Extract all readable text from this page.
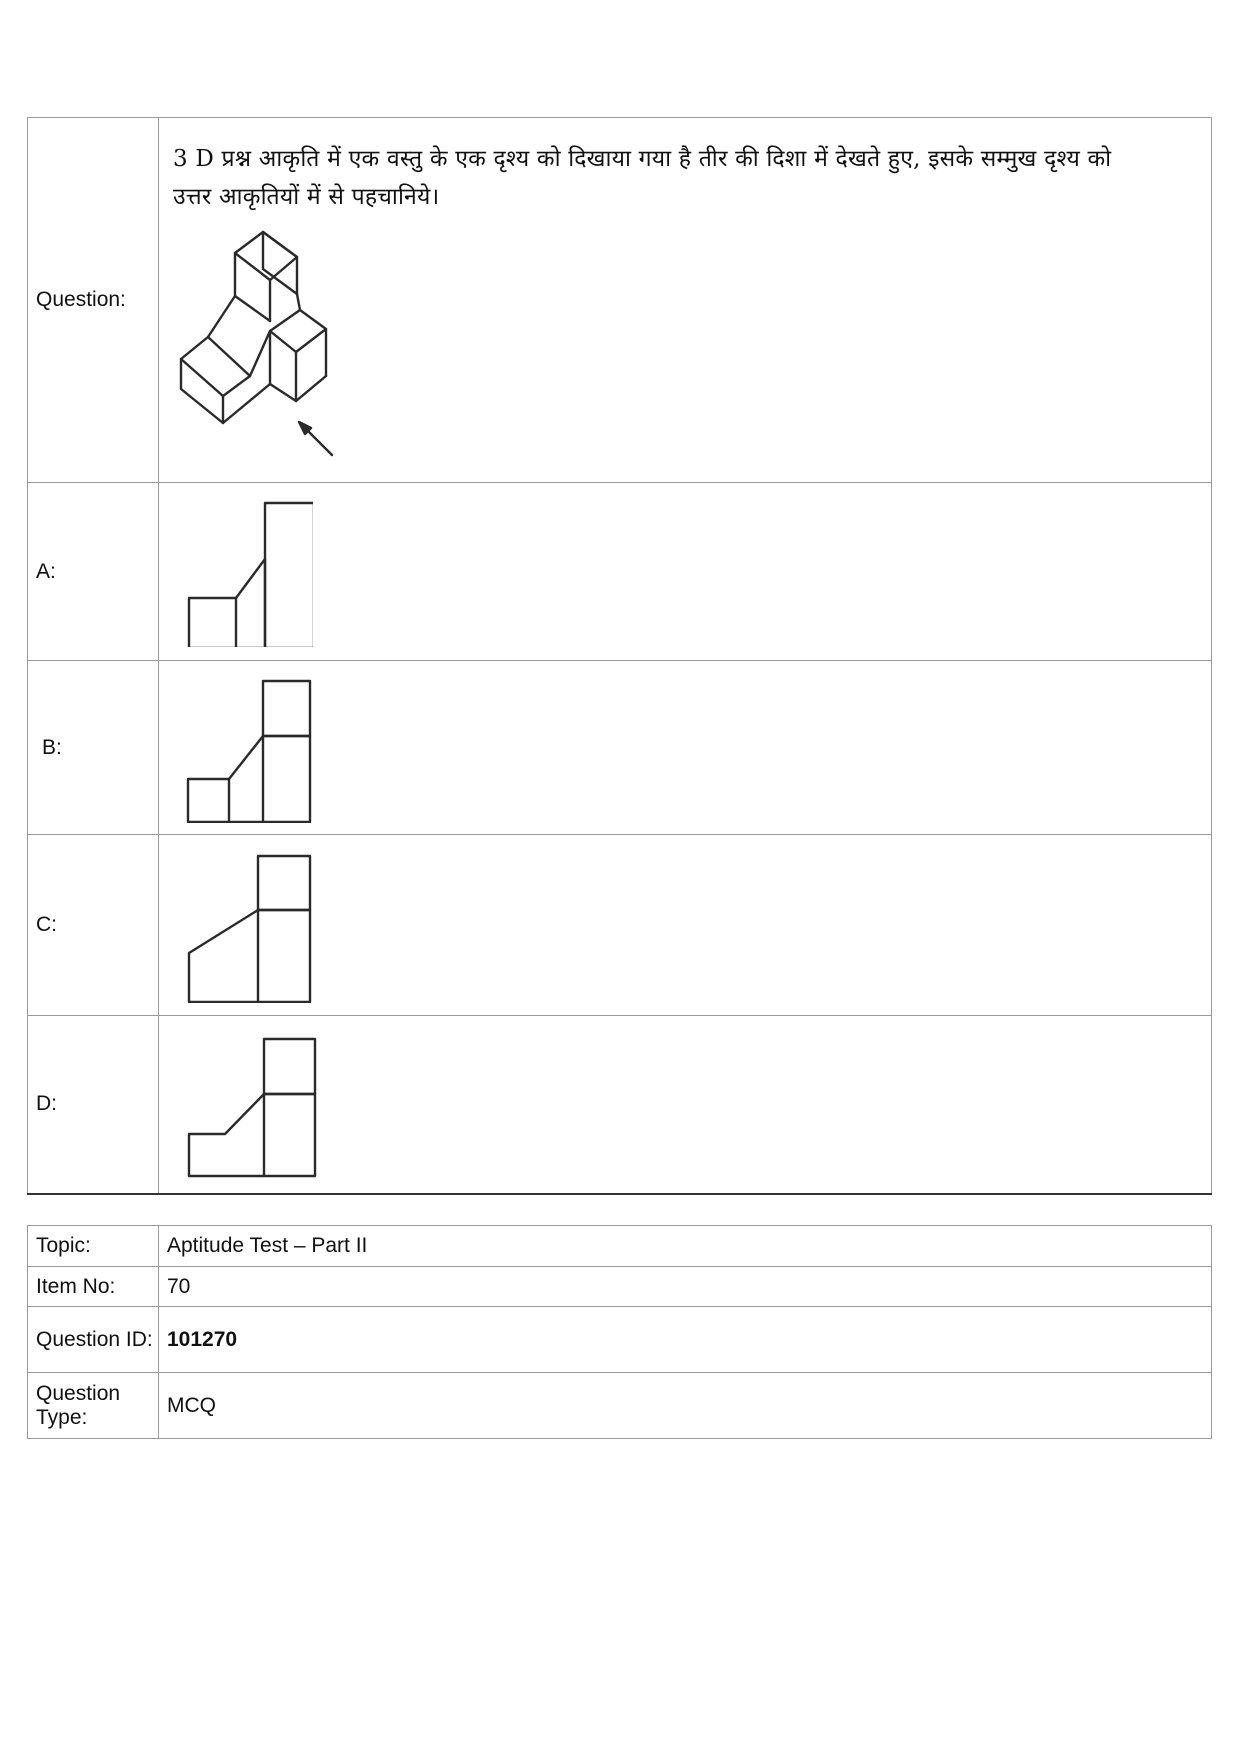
Question:	3 D प्रश्न आकृति में एक वस्तु के एक दृश्य को दिखाया गया है तीर की दिशा में देखते हुए, इसके सम्मुख दृश्य को
उत्तर आकृतियों में से पहचानिये।

A:	

B:	

C:	

D:	
Topic:	Aptitude Test – Part II
Item No:	70
Question ID:	101270
Question Type:	MCQ
